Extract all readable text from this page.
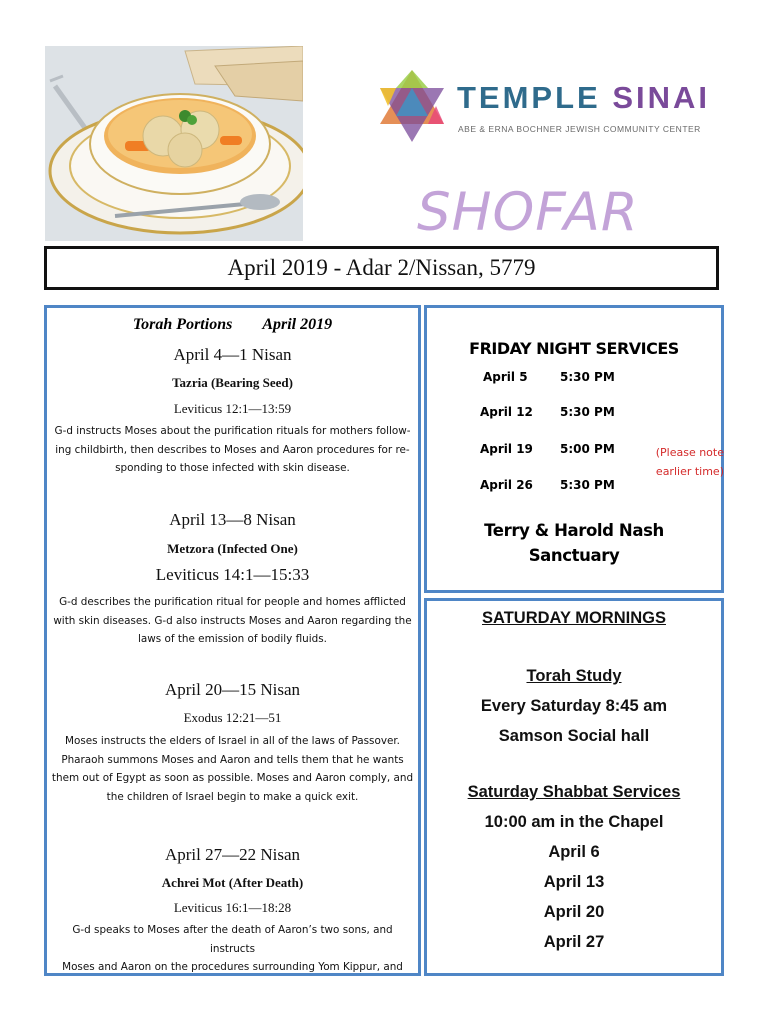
TEMPLE SINAI
ABE & ERNA BOCHNER JEWISH COMMUNITY CENTER
SHOFAR
April 2019 - Adar 2/Nissan, 5779
Torah Portions April 2019
April 4—1 Nisan
Tazria (Bearing Seed)
Leviticus 12:1—13:59
G-d instructs Moses about the purification rituals for mothers follow-
ing childbirth, then describes to Moses and Aaron procedures for re-
sponding to those infected with skin disease.
April 13—8 Nisan
Metzora (Infected One)
Leviticus 14:1—15:33
G-d describes the purification ritual for people and homes afflicted
with skin diseases. G-d also instructs Moses and Aaron regarding the
laws of the emission of bodily fluids.
April 20—15 Nisan
Exodus 12:21—51
Moses instructs the elders of Israel in all of the laws of Passover.
Pharaoh summons Moses and Aaron and tells them that he wants
them out of Egypt as soon as possible. Moses and Aaron comply, and
the children of Israel begin to make a quick exit.
April 27—22 Nisan
Achrei Mot (After Death)
Leviticus 16:1—18:28
G-d speaks to Moses after the death of Aaron’s two sons, and instructs
Moses and Aaron on the procedures surrounding Yom Kippur, and
FRIDAY NIGHT SERVICES
April 5	5:30 PM
April 12 5:30 PM
April 19 5:00 PM	(Please note earlier time)
April 26 5:30 PM
Terry & Harold Nash
Sanctuary
SATURDAY MORNINGS
Torah Study
Every Saturday 8:45 am
Samson Social hall
Saturday Shabbat Services
10:00 am in the Chapel
April 6
April 13
April 20
April 27
